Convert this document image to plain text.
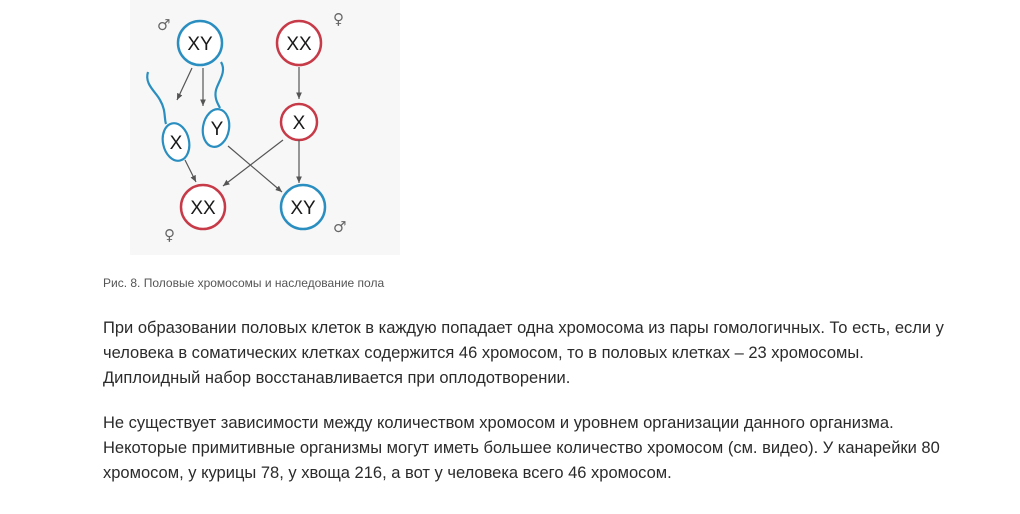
XY
♂
XX
♀
X
Y	X
XX
♀
XY
♂

Рис. 8. Половые хромосомы и наследование пола

При образовании половых клеток в каждую попадает одна хромосома из пары гомологичных. То есть, если у человека в соматических клетках содержится 46 хромосом, то в половых клетках – 23 хромосомы. Диплоидный набор восстанавливается при оплодотворении.

Не существует зависимости между количеством хромосом и уровнем организации данного организма. Некоторые примитивные организмы могут иметь большее количество хромосом (см. видео). У канарейки 80 хромосом, у курицы 78, у хвоща 216, а вот у человека всего 46 хромосом.
